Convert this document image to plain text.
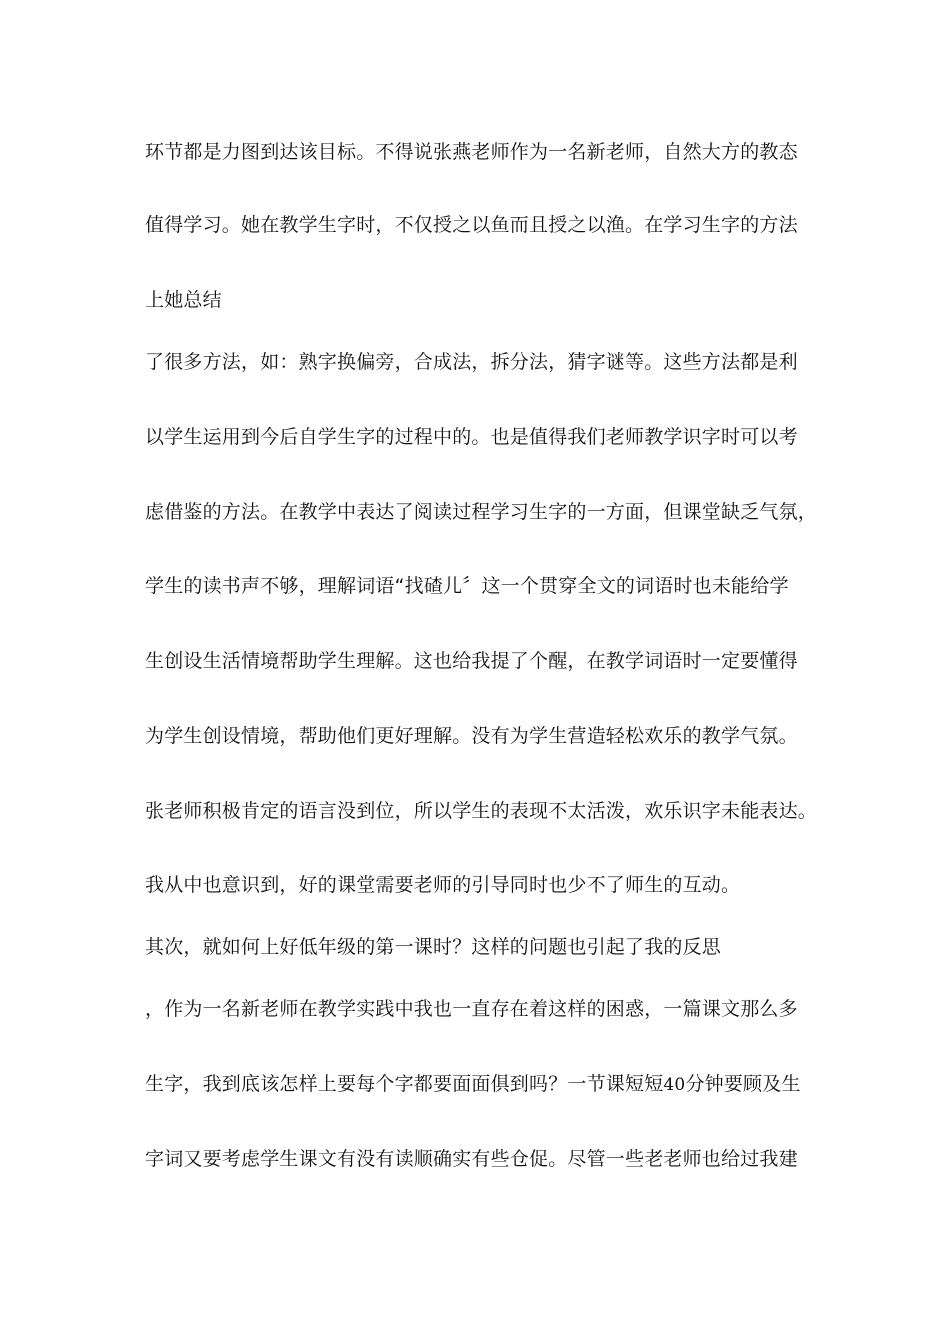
环节都是力图到达该目标。不得说张燕老师作为一名新老师，自然大方的教态
值得学习。她在教学生字时，不仅授之以鱼而且授之以渔。在学习生字的方法
上她总结
了很多方法，如：熟字换偏旁，合成法，拆分法，猜字谜等。这些方法都是利
以学生运用到今后自学生字的过程中的。也是值得我们老师教学识字时可以考
虑借鉴的方法。在教学中表达了阅读过程学习生字的一方面，但课堂缺乏气氛，
学生的读书声不够，理解词语“找碴儿〞这一个贯穿全文的词语时也未能给学
生创设生活情境帮助学生理解。这也给我提了个醒，在教学词语时一定要懂得
为学生创设情境，帮助他们更好理解。没有为学生营造轻松欢乐的教学气氛。
张老师积极肯定的语言没到位，所以学生的表现不太活泼，欢乐识字未能表达。
我从中也意识到，好的课堂需要老师的引导同时也少不了师生的互动。
其次，就如何上好低年级的第一课时？这样的问题也引起了我的反思
，作为一名新老师在教学实践中我也一直存在着这样的困惑，一篇课文那么多
生字，我到底该怎样上要每个字都要面面俱到吗？一节课短短40分钟要顾及生
字词又要考虑学生课文有没有读顺确实有些仓促。尽管一些老老师也给过我建
